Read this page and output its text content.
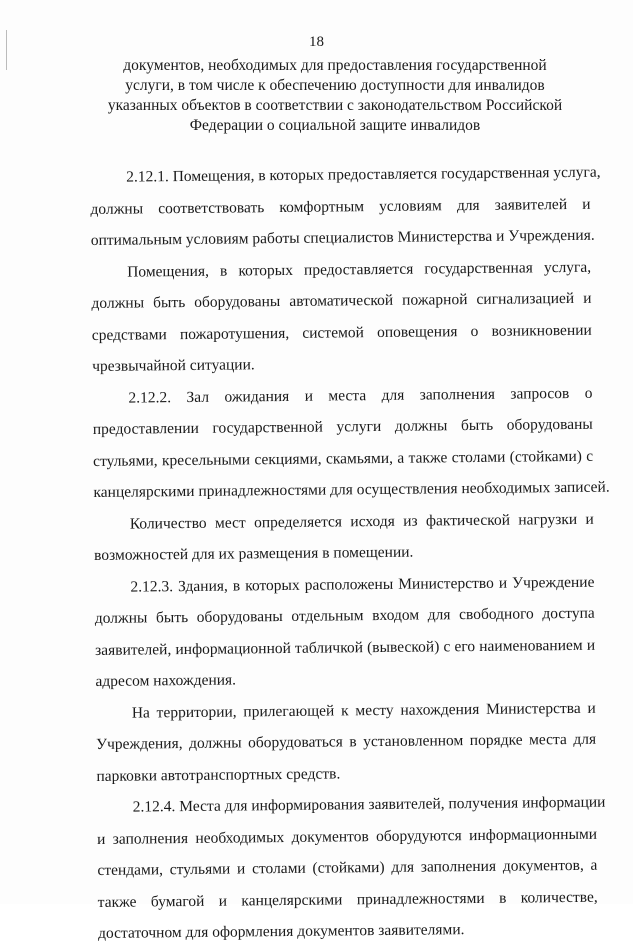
18
документов, необходимых для предоставления государственной
услуги, в том числе к обеспечению доступности для инвалидов
указанных объектов в соответствии с законодательством Российской
Федерации о социальной защите инвалидов

2.12.1. Помещения, в которых предоставляется государственная услуга,
должны соответствовать комфортным условиям для заявителей и
оптимальным условиям работы специалистов Министерства и Учреждения.

Помещения, в которых предоставляется государственная услуга,
должны быть оборудованы автоматической пожарной сигнализацией и
средствами пожаротушения, системой оповещения о возникновении
чрезвычайной ситуации.

2.12.2. Зал ожидания и места для заполнения запросов о
предоставлении государственной услуги должны быть оборудованы
стульями, кресельными секциями, скамьями, а также столами (стойками) с
канцелярскими принадлежностями для осуществления необходимых записей.

Количество мест определяется исходя из фактической нагрузки и
возможностей для их размещения в помещении.

2.12.3. Здания, в которых расположены Министерство и Учреждение
должны быть оборудованы отдельным входом для свободного доступа
заявителей, информационной табличкой (вывеской) с его наименованием и
адресом нахождения.

На территории, прилегающей к месту нахождения Министерства и
Учреждения, должны оборудоваться в установленном порядке места для
парковки автотранспортных средств.

2.12.4. Места для информирования заявителей, получения информации
и заполнения необходимых документов оборудуются информационными
стендами, стульями и столами (стойками) для заполнения документов, а
также бумагой и канцелярскими принадлежностями в количестве,
достаточном для оформления документов заявителями.
